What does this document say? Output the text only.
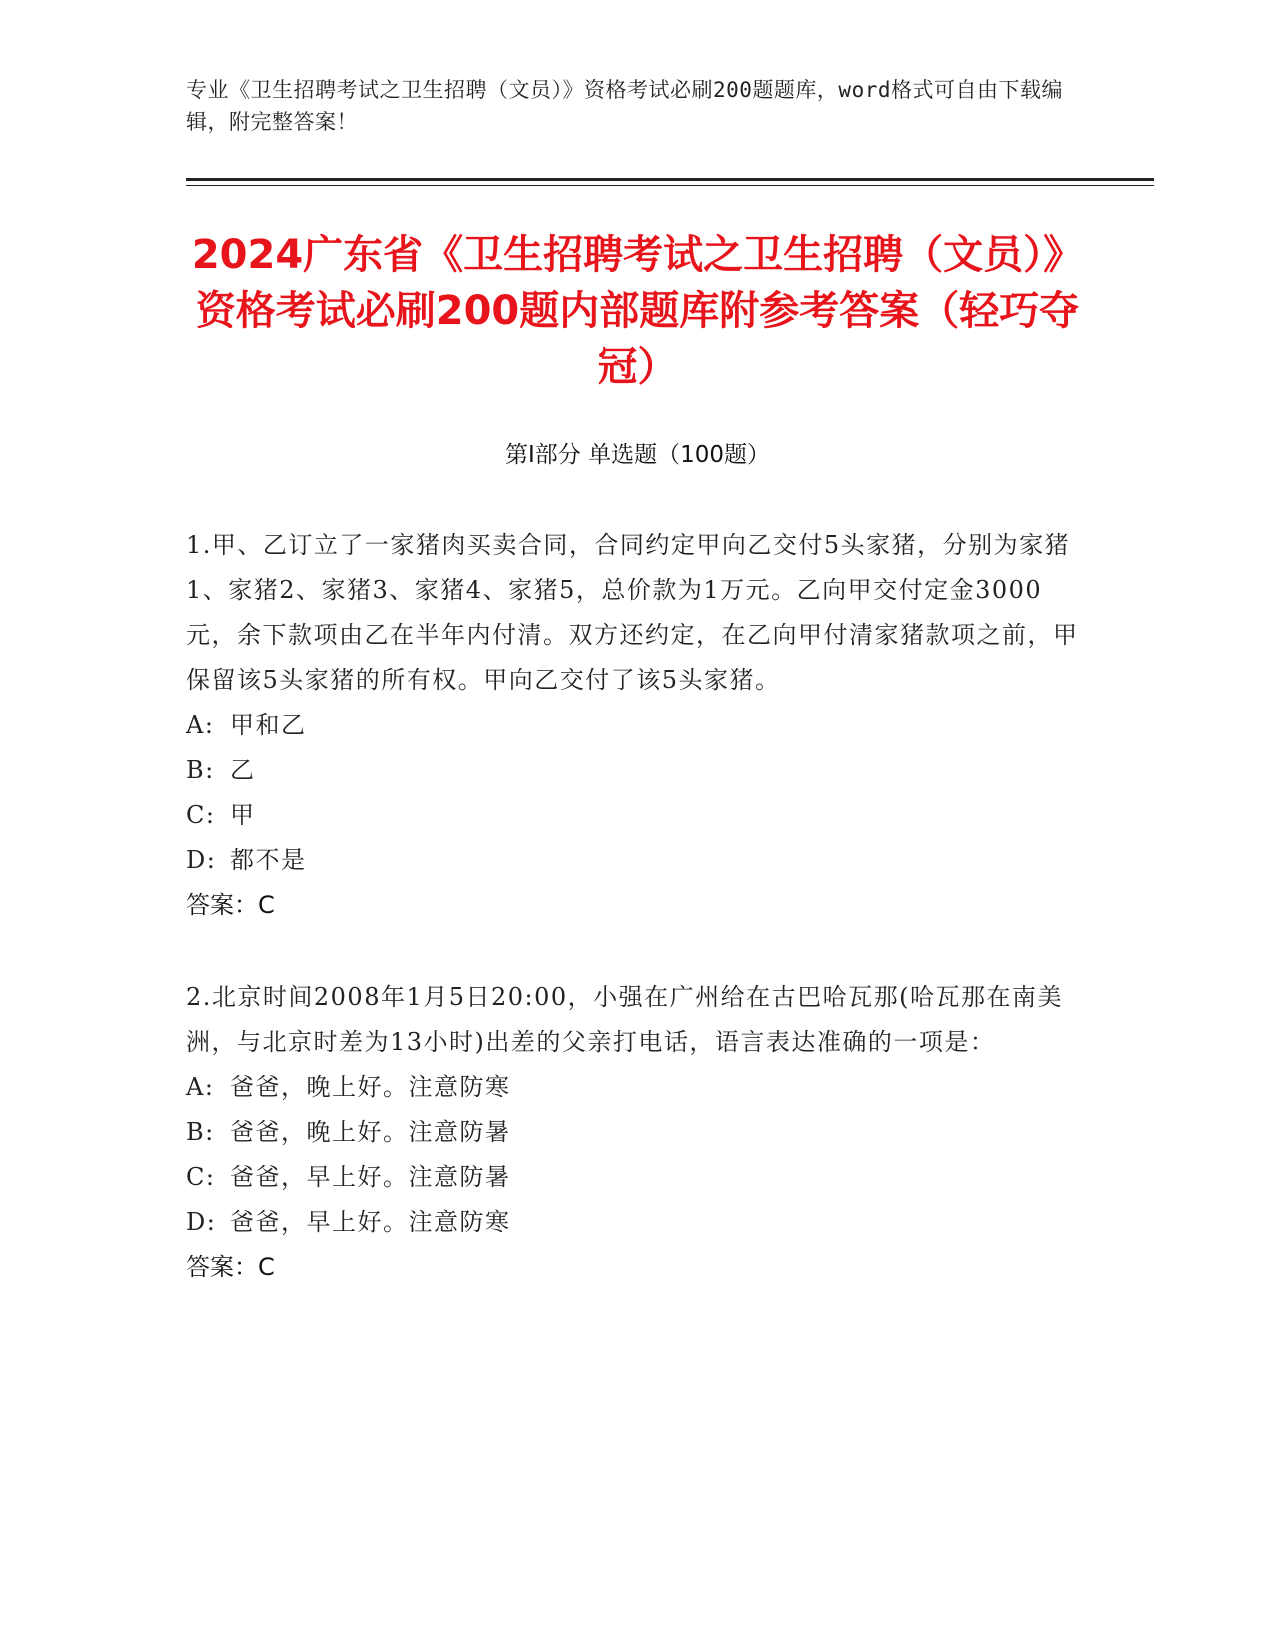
专业《卫生招聘考试之卫生招聘（文员）》资格考试必刷200题题库，word格式可自由下载编辑，附完整答案！
2024广东省《卫生招聘考试之卫生招聘（文员）》资格考试必刷200题内部题库附参考答案（轻巧夺冠）
第Ⅰ部分 单选题（100题）

1.甲、乙订立了一家猪肉买卖合同，合同约定甲向乙交付5头家猪，分别为家猪1、家猪2、家猪3、家猪4、家猪5，总价款为1万元。乙向甲交付定金3000元，余下款项由乙在半年内付清。双方还约定，在乙向甲付清家猪款项之前，甲保留该5头家猪的所有权。甲向乙交付了该5头家猪。

A: 甲和乙

B: 乙

C: 甲

D: 都不是

答案：C

2.北京时间2008年1月5日20:00，小强在广州给在古巴哈瓦那(哈瓦那在南美洲，与北京时差为13小时)出差的父亲打电话，语言表达准确的一项是：

A: 爸爸，晚上好。注意防寒

B: 爸爸，晚上好。注意防暑

C: 爸爸，早上好。注意防暑

D: 爸爸，早上好。注意防寒

答案：C
